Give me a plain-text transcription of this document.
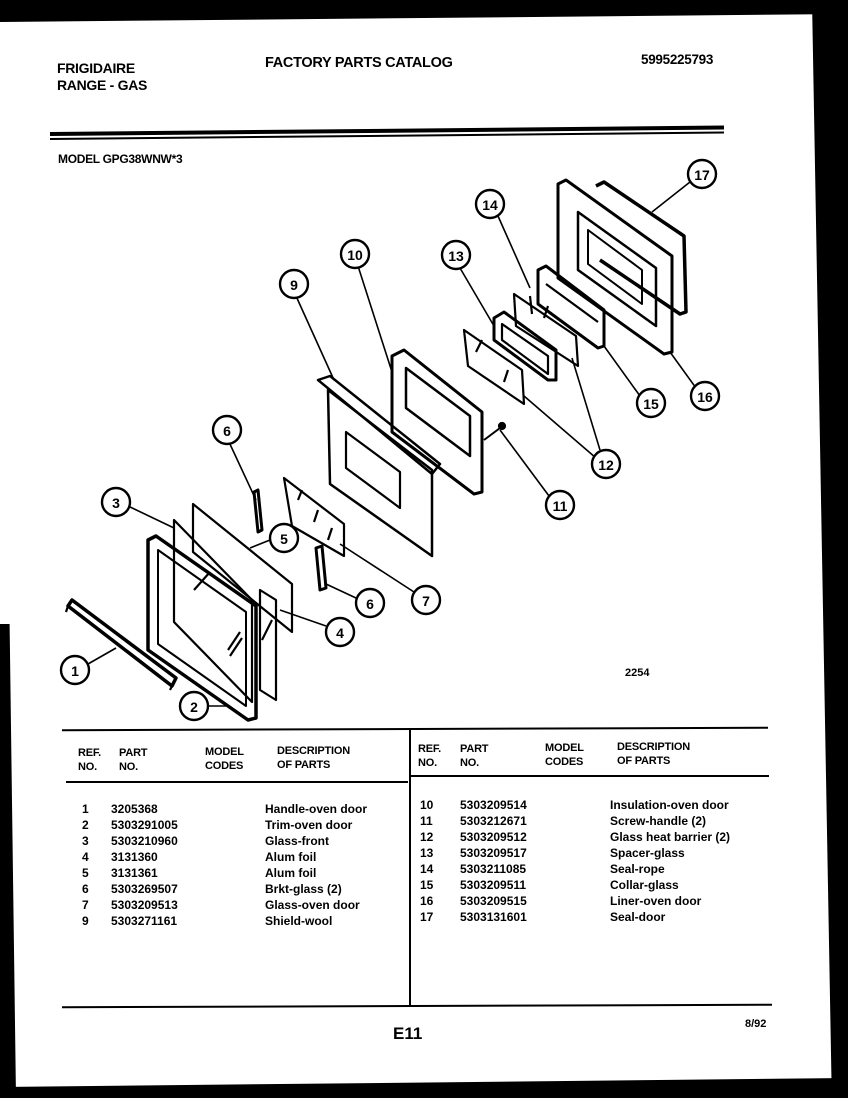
FRIGIDAIRE
RANGE - GAS
FACTORY PARTS CATALOG	5995225793
MODEL GPG38WNW*3
1
2
3
4
5
6
6	7
9
10
11
12
13
14
15	16
17
2254
REF.
NO.
PART
NO.
MODEL
CODES
DESCRIPTION
OF PARTS
REF.
NO.
PART
NO.
MODEL
CODES
DESCRIPTION
OF PARTS
1 3205368	Handle-oven door
2 5303291005	Trim-oven door
3 5303210960	Glass-front
4 3131360	Alum foil
5 3131361	Alum foil
6 5303269507	Brkt-glass (2)
7 5303209513	Glass-oven door
9 5303271161	Shield-wool
10 5303209514	Insulation-oven door
11 5303212671	Screw-handle (2)
12 5303209512	Glass heat barrier (2)
13 5303209517	Spacer-glass
14 5303211085	Seal-rope
15 5303209511	Collar-glass
16 5303209515	Liner-oven door
17 5303131601	Seal-door
E11	8/92
